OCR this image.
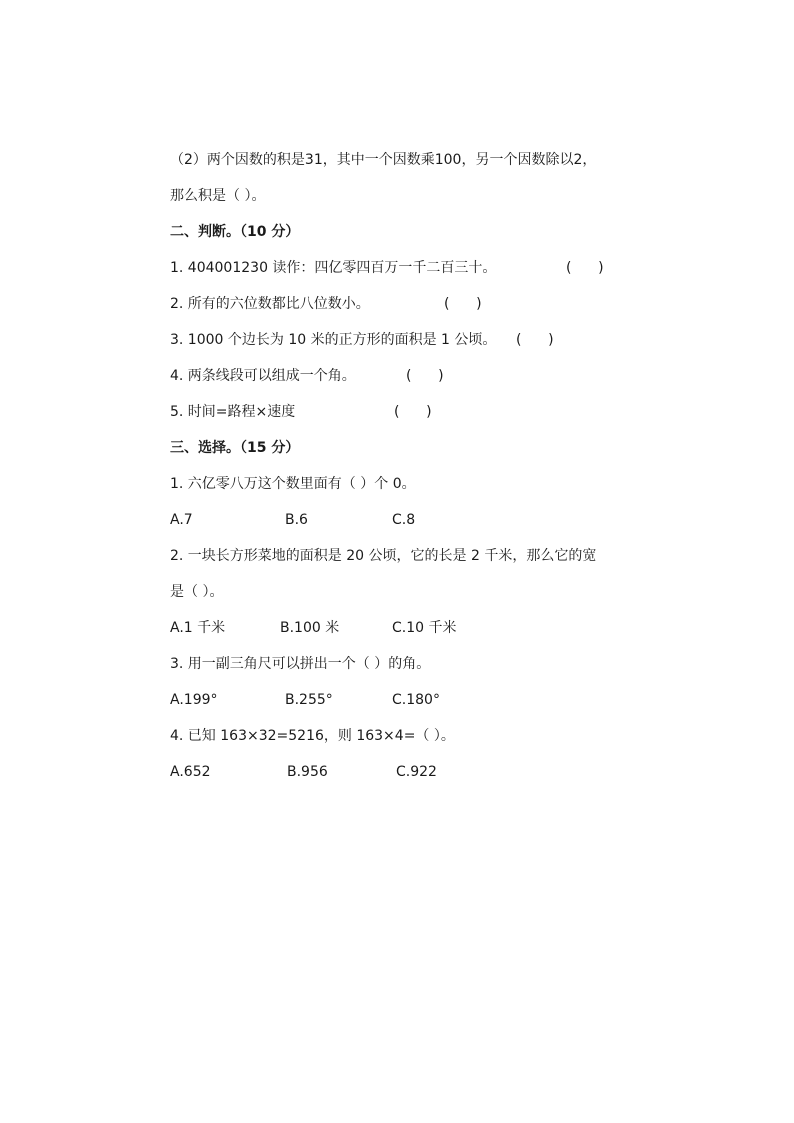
（2）两个因数的积是31，其中一个因数乘100，另一个因数除以2，
那么积是（ ）。
二、判断。（10 分）
1. 404001230 读作：四亿零四百万一千二百三十。	(      )
2. 所有的六位数都比八位数小。	(      )
3. 1000 个边长为 10 米的正方形的面积是 1 公顷。 (      )
4. 两条线段可以组成一个角。	(      )
5. 时间=路程×速度	(      )
三、选择。（15 分）
1. 六亿零八万这个数里面有（ ）个 0。
A.7	B.6	C.8
2. 一块长方形菜地的面积是 20 公顷，它的长是 2 千米，那么它的宽
是（ ）。
A.1 千米	B.100 米	C.10 千米
3. 用一副三角尺可以拼出一个（ ）的角。
A.199°	B.255°	C.180°
4. 已知 163×32=5216，则 163×4=（ ）。
A.652	B.956	C.922
